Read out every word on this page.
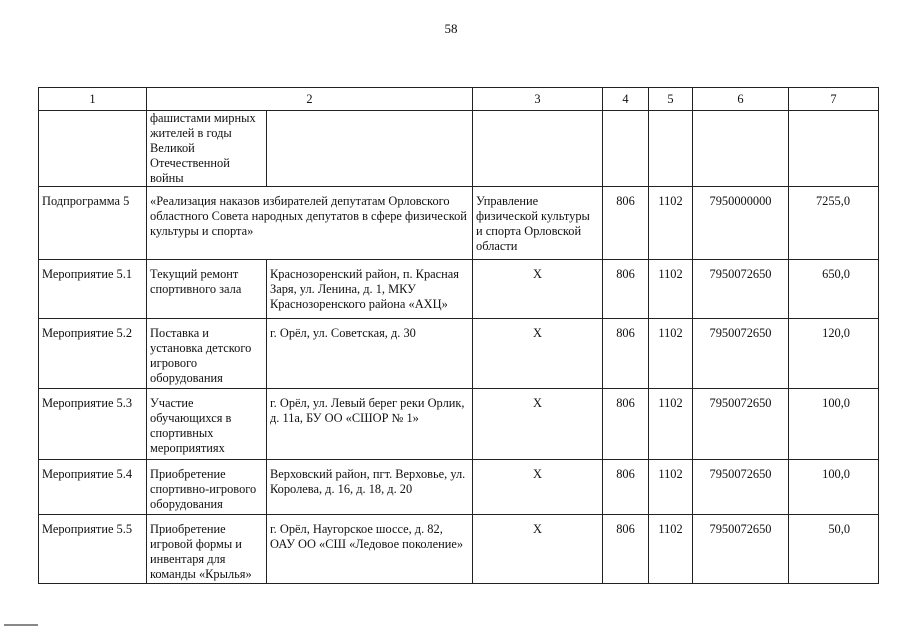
58
1	2		3	4	5	6	7
	фашистами мирных жителей в годы Великой Отечественной войны						
Подпрограмма 5	«Реализация наказов избирателей депутатам Орловского областного Совета народных депутатов в сфере физической культуры и спорта»		Управление физической культуры и спорта Орловской области	806	1102	7950000000	7255,0
Мероприятие 5.1	Текущий ремонт спортивного зала	Краснозоренский район, п. Красная Заря, ул. Ленина, д. 1, МКУ Краснозоренского района «АХЦ»	Х	806	1102	7950072650	650,0
Мероприятие 5.2	Поставка и установка детского игрового оборудования	г. Орёл, ул. Советская, д. 30	Х	806	1102	7950072650	120,0
Мероприятие 5.3	Участие обучающихся в спортивных мероприятиях	г. Орёл, ул. Левый берег реки Орлик, д. 11а, БУ ОО «СШОР № 1»	Х	806	1102	7950072650	100,0
Мероприятие 5.4	Приобретение спортивно-игрового оборудования	Верховский район, пгт. Верховье, ул. Королева, д. 16, д. 18, д. 20	Х	806	1102	7950072650	100,0
Мероприятие 5.5	Приобретение игровой формы и инвентаря для команды «Крылья»	г. Орёл, Наугорское шоссе, д. 82, ОАУ ОО «СШ «Ледовое поколение»	Х	806	1102	7950072650	50,0
